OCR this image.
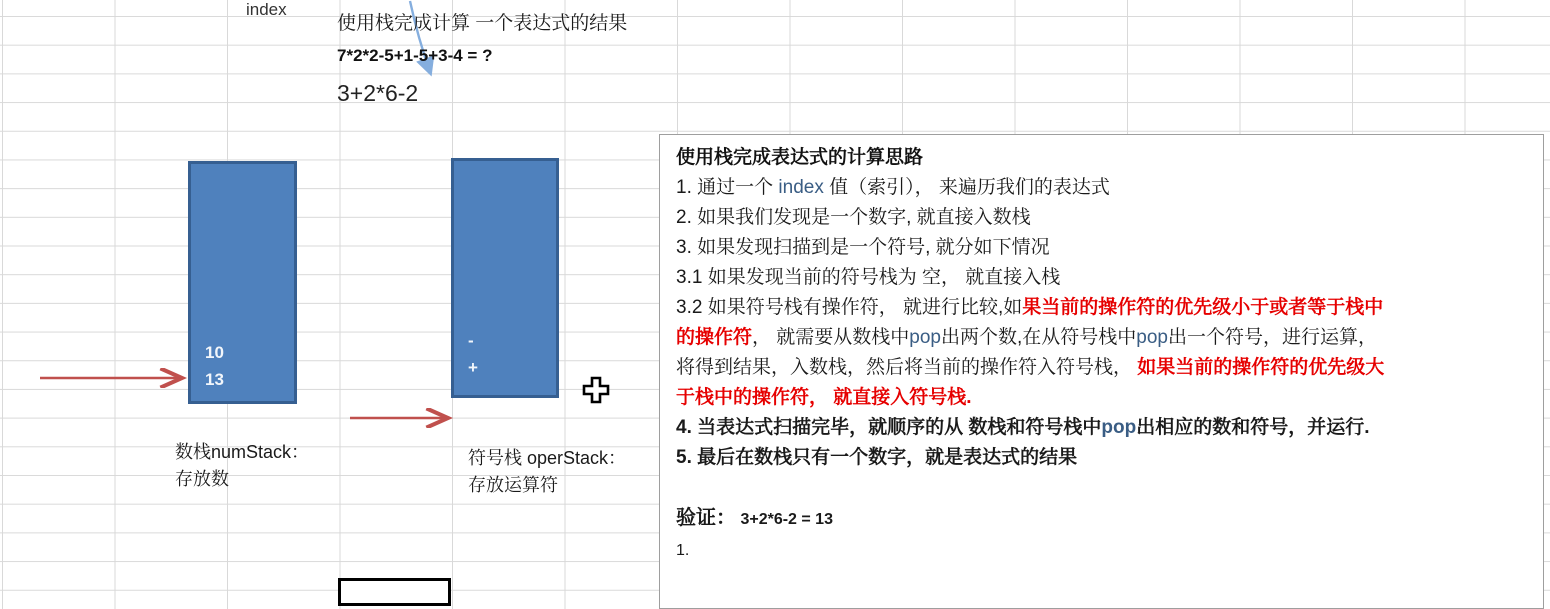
index
使用栈完成计算 一个表达式的结果
7*2*2-5+1-5+3-4 = ?
3+2*6-2
10
13
-
+
数栈numStack：
存放数
符号栈 operStack：
存放运算符
使用栈完成表达式的计算思路
1. 通过一个 index 值（索引）， 来遍历我们的表达式
2. 如果我们发现是一个数字, 就直接入数栈
3. 如果发现扫描到是一个符号, 就分如下情况
3.1 如果发现当前的符号栈为 空， 就直接入栈
3.2 如果符号栈有操作符， 就进行比较,如果当前的操作符的优先级小于或者等于栈中
的操作符， 就需要从数栈中pop出两个数,在从符号栈中pop出一个符号，进行运算，
将得到结果，入数栈，然后将当前的操作符入符号栈， 如果当前的操作符的优先级大
于栈中的操作符， 就直接入符号栈.
4. 当表达式扫描完毕，就顺序的从 数栈和符号栈中pop出相应的数和符号，并运行.
5. 最后在数栈只有一个数字，就是表达式的结果

验证： 3+2*6-2 = 13
1.
